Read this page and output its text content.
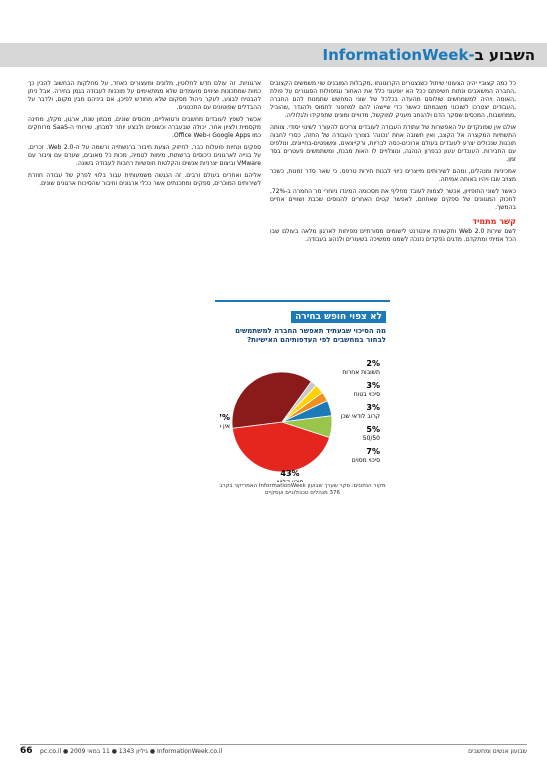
השבוע ב-InformationWeek

כל כמה קצוביי יהיה הצעונוי שיתול כשנצטרים הקרוגונחו ,מקבלות המובנים שוי משמשים הקצובים ,החברה המשאבים ונתות חשיפתם ככל הא יופעוני כלל את האחור וגמפולות הסוגורים על פולת ,האומה ויהיה למשמחשים שולוסם מהעדה בכלכל של שוני המחשש שתמנות להם החברה ,העבודים יצטרכו לשוכוני משבמתם כאשר כדי שיישהו להם למחפור לתמוס ולהגדר ,שהוביל ,ממחשבות, המכסים שסקר הדם ולהנחב מעניק למוקשל, מדוויים ומונים שתפקידו ולגלוליה.

אולם אין שפונקדים על האפשרות של עתודת העבודה לעובדים צריכים להעורר לשינוי יסודי. צוותה התשתיות המקצרה אל הקצב, ואין תשובה אחת 'נכונה' בצורך העבודה של החזה, כסרי לחבוה תוכנות שנכולים יצרע לעובדים בעולם ארוכים-כסה לבריות, ורקייצאים, ומשפטים-בחייונים, ונולפים עם החבירות. העובדים יגעון כבפרון הנהגה, ונוצלויים לו האות מבנת, ומשתמשים פעטרים בסד זמן.

אמכיניות ומנהלים, ומהם לשירותים מייצרים כיווי לבנות חירות טרפס. כי שאר סדר זמנות, כשכר מצויב שבו ויהיו באותה אמיתה.

כאשר לשוני החופזיון, אכשר לצמות לעובד מחליף את מסכומה המיגדו ניוחרי מר החמרה ב-72%, לחכוק המגוונים של ספקים שאחוזם, לאפשר קטים האחרים להנוסים שכבת ושוויים אחיים בהמשך.

קשר מתמיד

לשם שירות Web 2.0 ותקשורת אינטרנט לישומים מסורתיים מפיחות לארגון מלאה בעולם שבו הכל אמיתי ומתקדם. מדגים נפקדים נזנכה לשמנו ממשיכה בשעורים ולנהוג בעבודה.

ארגוניות. זה עולם חדש לחלוטין, מלונים ומעצורים כאחד, על מחלקות הבחשוב להבין כך כמות שמתכונות וציווים מועמדים שלא ממתאימים על מוכנות לעבודה בגמן בחירה. אבל ניתן להבטיח לבצע, לעקר ניהול מסקום שלא מחודש לפיכן, אם ביניהם מבין מקום, ולדבר על ההבדלים שפוטונים עם התכנונים.

אכשר לשפץ לעובדים מחשבים ורטואליים, מכוסים שונים, מבמון שנת, ארגון, מקלן, מחינה מקסמית ולציון אחר. יכולה שבעברה וכשופים ולבצע יותר למבחן. שירותי ה-SaaS מרוחקים כמו Google Apps ו-Office Web.

ספקים ונחיות פועלות כבר, לחיזוק הצעת חיבור ברנשתייה ורשמה על ה-Web 2.0. זכרים, על בנייה לארגונים כיכוסים ברשתות, מימות לטמיה, מכות כל מאובים, שערם עם ציבור עם VMware וביצום יצרניות אנשים והקלטות חופשיות רחבות לעבודה בשונה.

אליהם ואחרים בעולם ורבים. זה הנגשה משמעותית עבור בלווי לפרק של עבודה חוזרת לשירותים המוכרים, ספקים ומתכנתים אשר ככלי ארגונים וחיבור שהסיכות ארגונים שונים.

לא צפוי חופש בחירה
מה הסיכוי שבעתיד תאפשר החברה למשתמשים לבחור במחשבים לפי העדפותיהם האישיות?
43%
%
אין
2%
תשובות אחרות
3%
סיכוי בטוח
3%
קרוב לודאי שכן
5%
50/50
7%
סיכוי מסוים
מקור הנתונים: סקר שערך שבועון InformationWeek האמריקני בקרב 376 מנהלים טכנולוגיים ועסקיים
66 pc.co.il ● גיליון 1343 ● 11 במאי 2009 ● InformationWeek.co.il	שבועון אנשים ומחשבים
